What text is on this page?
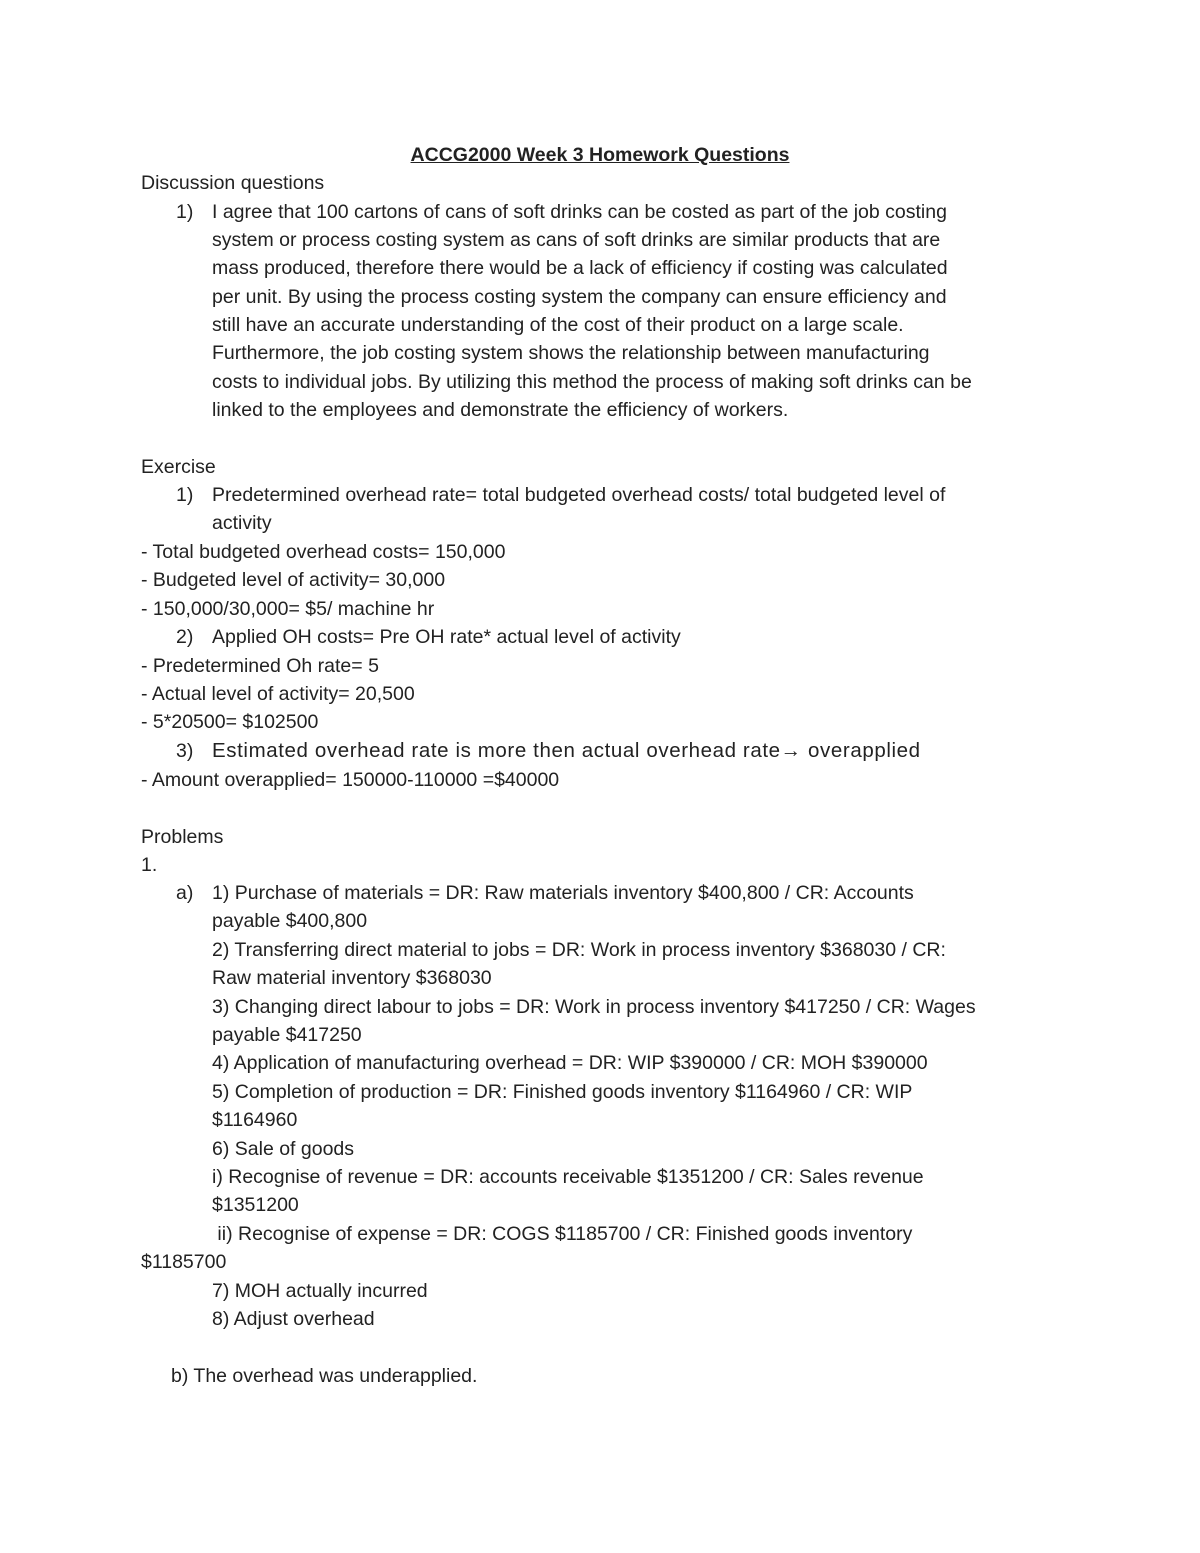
ACCG2000 Week 3 Homework Questions
Discussion questions
1) I agree that 100 cartons of cans of soft drinks can be costed as part of the job costing
system or process costing system as cans of soft drinks are similar products that are
mass produced, therefore there would be a lack of efficiency if costing was calculated
per unit. By using the process costing system the company can ensure efficiency and
still have an accurate understanding of the cost of their product on a large scale.
Furthermore, the job costing system shows the relationship between manufacturing
costs to individual jobs. By utilizing this method the process of making soft drinks can be
linked to the employees and demonstrate the efficiency of workers.
Exercise
1) Predetermined overhead rate= total budgeted overhead costs/ total budgeted level of
activity
- Total budgeted overhead costs= 150,000
- Budgeted level of activity= 30,000
- 150,000/30,000= $5/ machine hr
2) Applied OH costs= Pre OH rate* actual level of activity
- Predetermined Oh rate= 5
- Actual level of activity= 20,500
- 5*20500= $102500
3) Estimated overhead rate is more then actual overhead rate→ overapplied
- Amount overapplied= 150000-110000 =$40000
Problems
1.
a) 1) Purchase of materials = DR: Raw materials inventory $400,800 / CR: Accounts
payable $400,800
2) Transferring direct material to jobs = DR: Work in process inventory $368030 / CR:
Raw material inventory $368030
3) Changing direct labour to jobs = DR: Work in process inventory $417250 / CR: Wages
payable $417250
4) Application of manufacturing overhead = DR: WIP $390000 / CR: MOH $390000
5) Completion of production = DR: Finished goods inventory $1164960 / CR: WIP
$1164960
6) Sale of goods
i) Recognise of revenue = DR: accounts receivable $1351200 / CR: Sales revenue
$1351200
ii) Recognise of expense = DR: COGS $1185700 / CR: Finished goods inventory
$1185700
7) MOH actually incurred
8) Adjust overhead
b) The overhead was underapplied.
